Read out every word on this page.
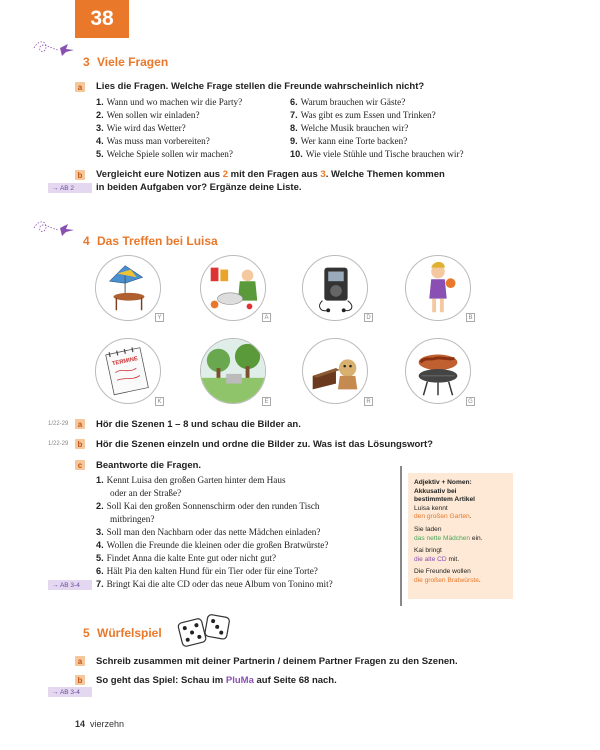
38
3 Viele Fragen
a Lies die Fragen. Welche Frage stellen die Freunde wahrscheinlich nicht?
1. Wann und wo machen wir die Party?
2. Wen sollen wir einladen?
3. Wie wird das Wetter?
4. Was muss man vorbereiten?
5. Welche Spiele sollen wir machen?
6. Warum brauchen wir Gäste?
7. Was gibt es zum Essen und Trinken?
8. Welche Musik brauchen wir?
9. Wer kann eine Torte backen?
10. Wie viele Stühle und Tische brauchen wir?
b Vergleicht eure Notizen aus 2 mit den Fragen aus 3. Welche Themen kommen
in beiden Aufgaben vor? Ergänze deine Liste.
→ AB 2
4 Das Treffen bei Luisa
Y	A	D	B
TERMINE
K	E	R	G
1/22-29	a Hör die Szenen 1 – 8 und schau die Bilder an.
1/22-29	b Hör die Szenen einzeln und ordne die Bilder zu. Was ist das Lösungswort?
c Beantworte die Fragen.
1. Kennt Luisa den großen Garten hinter dem Haus
oder an der Straße?
2. Soll Kai den großen Sonnenschirm oder den runden Tisch
mitbringen?
3. Soll man den Nachbarn oder das nette Mädchen einladen?
4. Wollen die Freunde die kleinen oder die großen Bratwürste?
5. Findet Anna die kalte Ente gut oder nicht gut?
6. Hält Pia den kalten Hund für ein Tier oder für eine Torte?
7. Bringt Kai die alte CD oder das neue Album von Tonino mit?
→ AB 3-4
Adjektiv + Nomen:
Akkusativ bei
bestimmtem Artikel
Luisa kennt
den großen Garten.

Sie laden
das nette Mädchen ein.

Kai bringt
die alte CD mit.

Die Freunde wollen
die großen Bratwürste.

5 Würfelspiel
a Schreib zusammen mit deiner Partnerin / deinem Partner Fragen zu den Szenen.
b So geht das Spiel: Schau im PluMa auf Seite 68 nach.
→ AB 3-4
14 vierzehn
